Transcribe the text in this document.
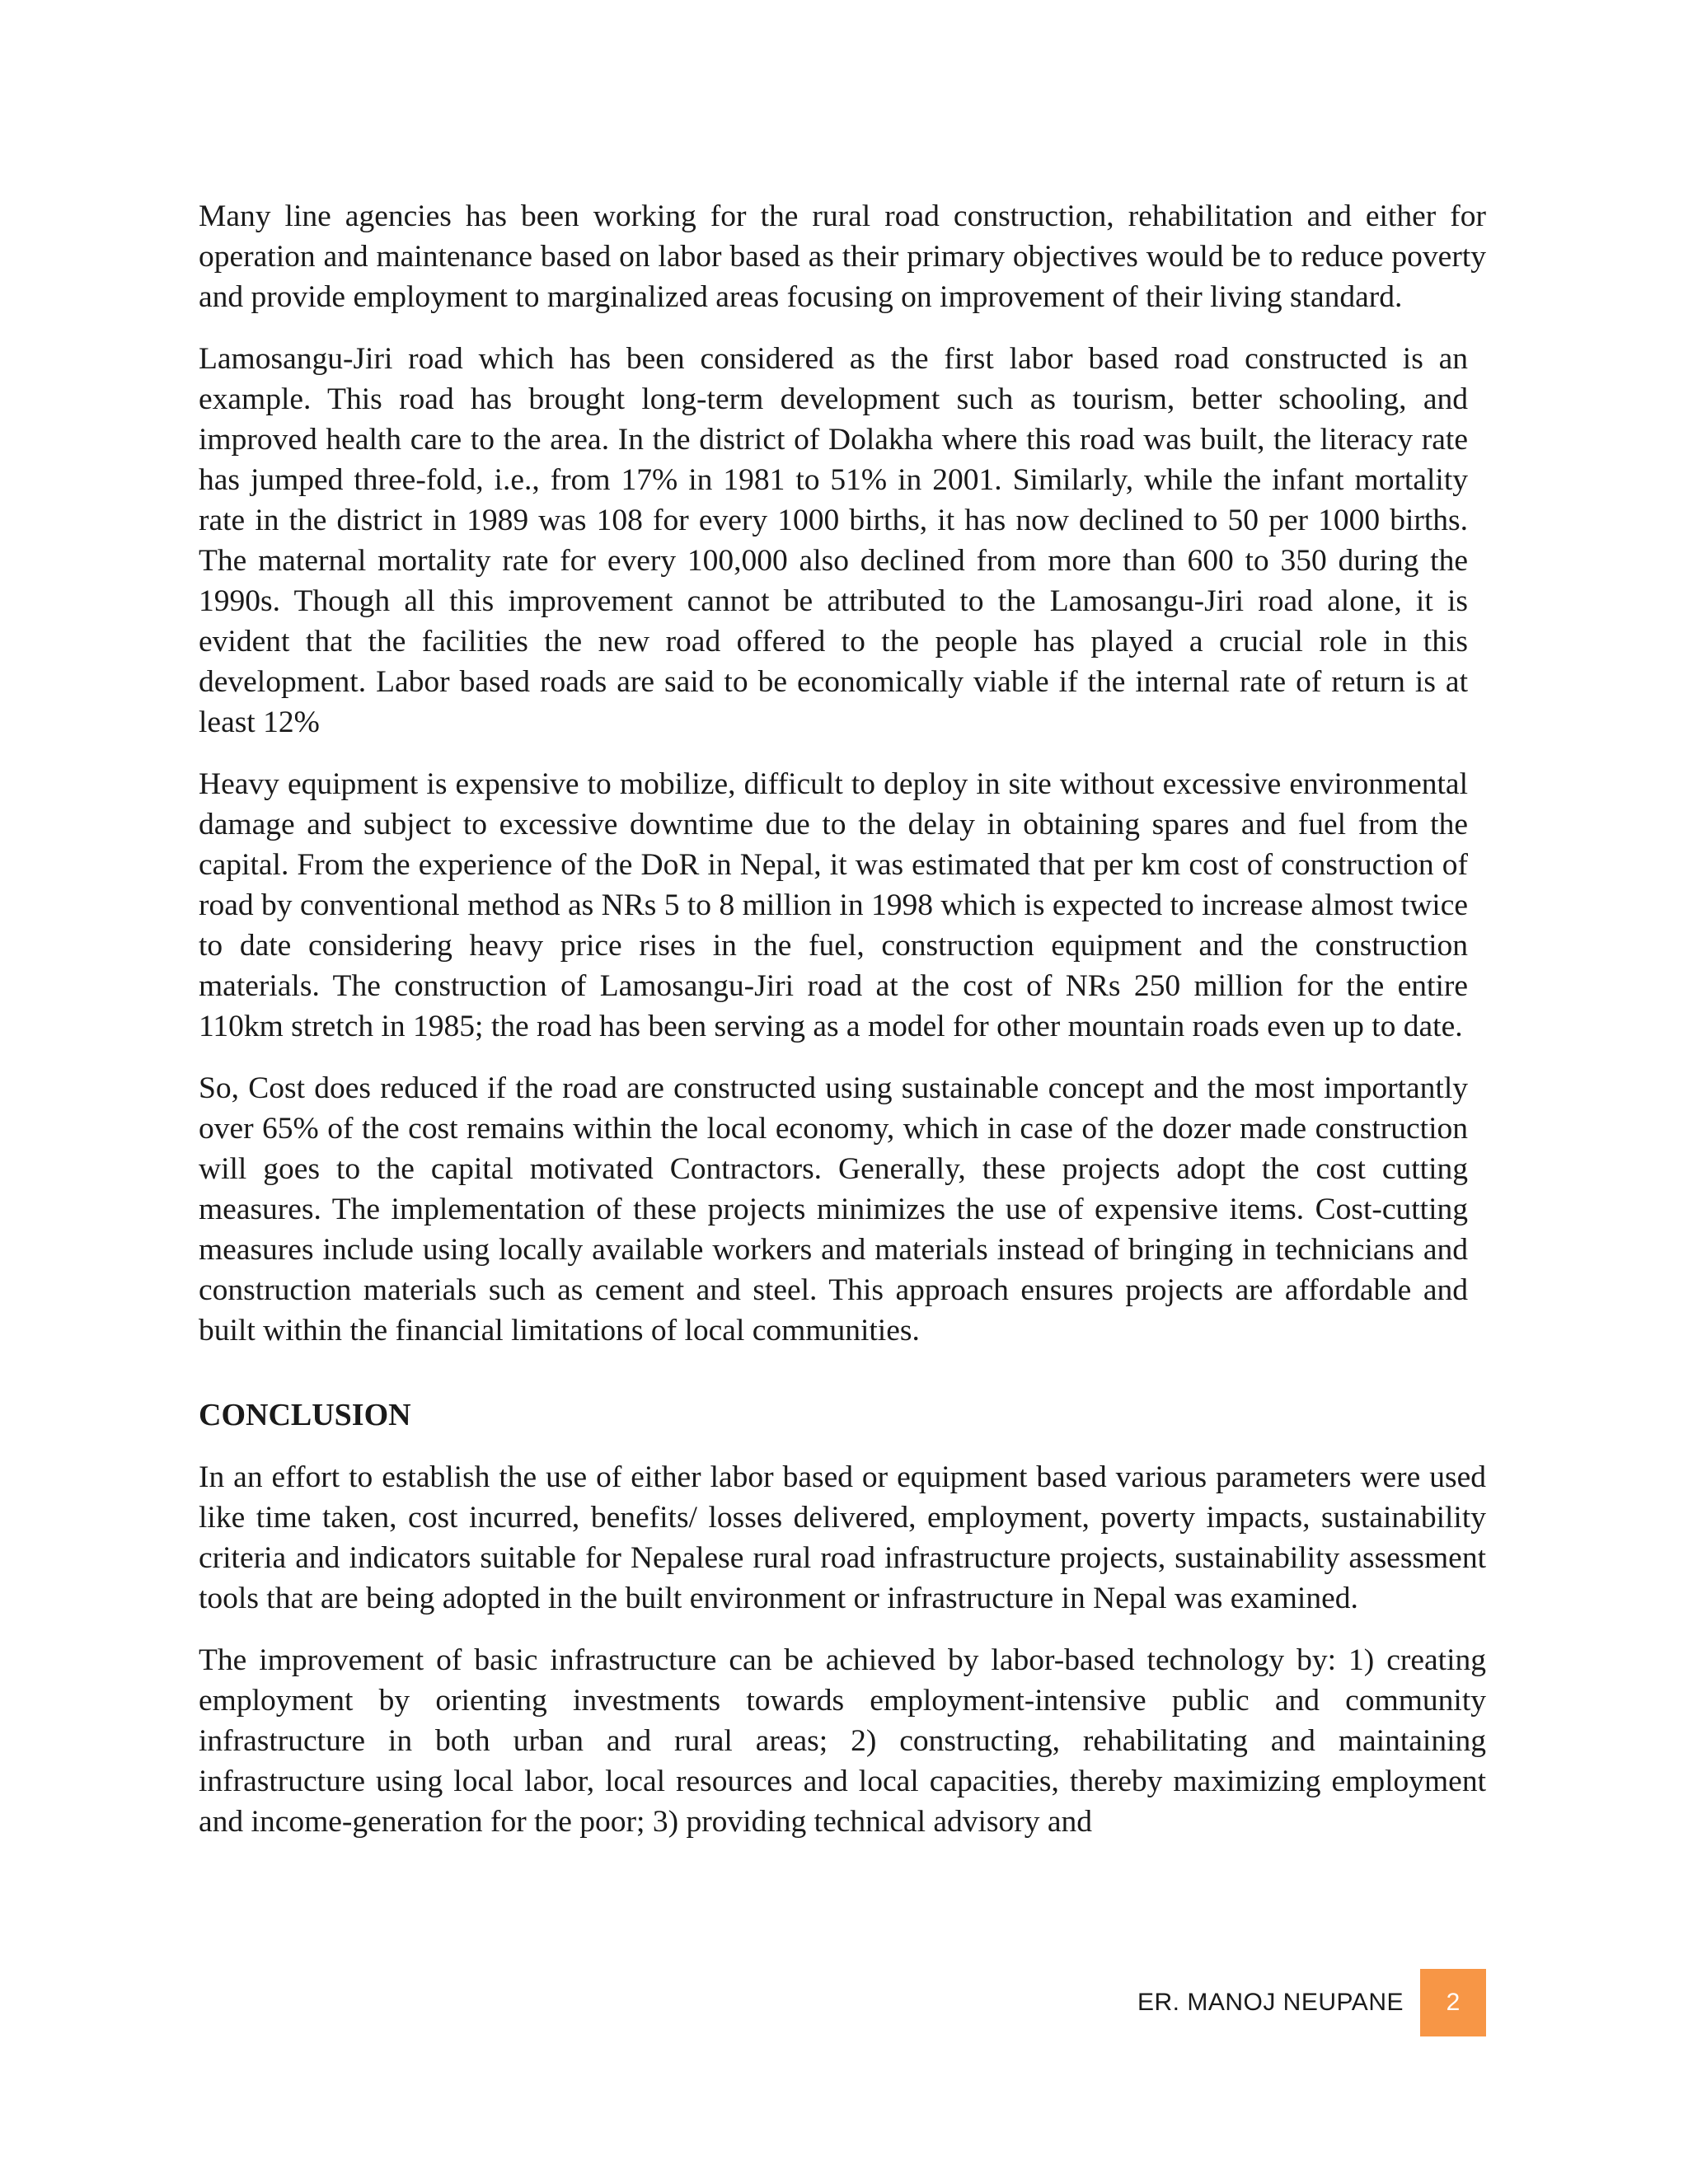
Many line agencies has been working for the rural road construction, rehabilitation and either for operation and maintenance based on labor based as their primary objectives would be to reduce poverty and provide employment to marginalized areas focusing on improvement of their living standard.

Lamosangu-Jiri road which has been considered as the first labor based road constructed is an example. This road has brought long-term development such as tourism, better schooling, and improved health care to the area. In the district of Dolakha where this road was built, the literacy rate has jumped three-fold, i.e., from 17% in 1981 to 51% in 2001. Similarly, while the infant mortality rate in the district in 1989 was 108 for every 1000 births, it has now declined to 50 per 1000 births. The maternal mortality rate for every 100,000 also declined from more than 600 to 350 during the 1990s. Though all this improvement cannot be attributed to the Lamosangu-Jiri road alone, it is evident that the facilities the new road offered to the people has played a crucial role in this development. Labor based roads are said to be economically viable if the internal rate of return is at least 12%

Heavy equipment is expensive to mobilize, difficult to deploy in site without excessive environmental damage and subject to excessive downtime due to the delay in obtaining spares and fuel from the capital. From the experience of the DoR in Nepal, it was estimated that per km cost of construction of road by conventional method as NRs 5 to 8 million in 1998 which is expected to increase almost twice to date considering heavy price rises in the fuel, construction equipment and the construction materials. The construction of Lamosangu-Jiri road at the cost of NRs 250 million for the entire 110km stretch in 1985; the road has been serving as a model for other mountain roads even up to date.

So, Cost does reduced if the road are constructed using sustainable concept and the most importantly over 65% of the cost remains within the local economy, which in case of the dozer made construction will goes to the capital motivated Contractors. Generally, these projects adopt the cost cutting measures. The implementation of these projects minimizes the use of expensive items. Cost-cutting measures include using locally available workers and materials instead of bringing in technicians and construction materials such as cement and steel. This approach ensures projects are affordable and built within the financial limitations of local communities.

CONCLUSION

In an effort to establish the use of either labor based or equipment based various parameters were used like time taken, cost incurred, benefits/ losses delivered, employment, poverty impacts, sustainability criteria and indicators suitable for Nepalese rural road infrastructure projects, sustainability assessment tools that are being adopted in the built environment or infrastructure in Nepal was examined.

The improvement of basic infrastructure can be achieved by labor-based technology by: 1) creating employment by orienting investments towards employment-intensive public and community infrastructure in both urban and rural areas; 2) constructing, rehabilitating and maintaining infrastructure using local labor, local resources and local capacities, thereby maximizing employment and income-generation for the poor; 3) providing technical advisory and

ER. MANOJ NEUPANE	2
